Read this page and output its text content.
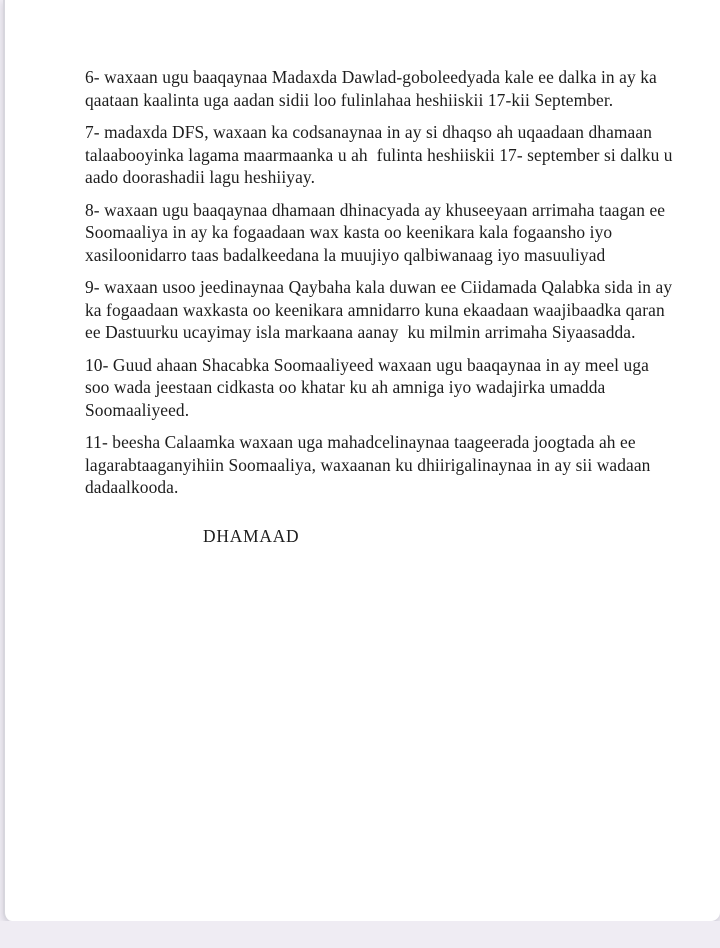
6- waxaan ugu baaqaynaa Madaxda Dawlad-goboleedyada kale ee dalka in ay ka
qaataan kaalinta uga aadan sidii loo fulinlahaa heshiiskii 17-kii September.
7- madaxda DFS, waxaan ka codsanaynaa in ay si dhaqso ah uqaadaan dhamaan
talaabooyinka lagama maarmaanka u ah  fulinta heshiiskii 17- september si dalku u
aado doorashadii lagu heshiiyay.
8- waxaan ugu baaqaynaa dhamaan dhinacyada ay khuseeyaan arrimaha taagan ee
Soomaaliya in ay ka fogaadaan wax kasta oo keenikara kala fogaansho iyo
xasiloonidarro taas badalkeedana la muujiyo qalbiwanaag iyo masuuliyad
9- waxaan usoo jeedinaynaa Qaybaha kala duwan ee Ciidamada Qalabka sida in ay
ka fogaadaan waxkasta oo keenikara amnidarro kuna ekaadaan waajibaadka qaran
ee Dastuurku ucayimay isla markaana aanay  ku milmin arrimaha Siyaasadda.
10- Guud ahaan Shacabka Soomaaliyeed waxaan ugu baaqaynaa in ay meel uga
soo wada jeestaan cidkasta oo khatar ku ah amniga iyo wadajirka umadda
Soomaaliyeed.
11- beesha Calaamka waxaan uga mahadcelinaynaa taageerada joogtada ah ee
lagarabtaaganyihiin Soomaaliya, waxaanan ku dhiirigalinaynaa in ay sii wadaan
dadaalkooda.
DHAMAAD
